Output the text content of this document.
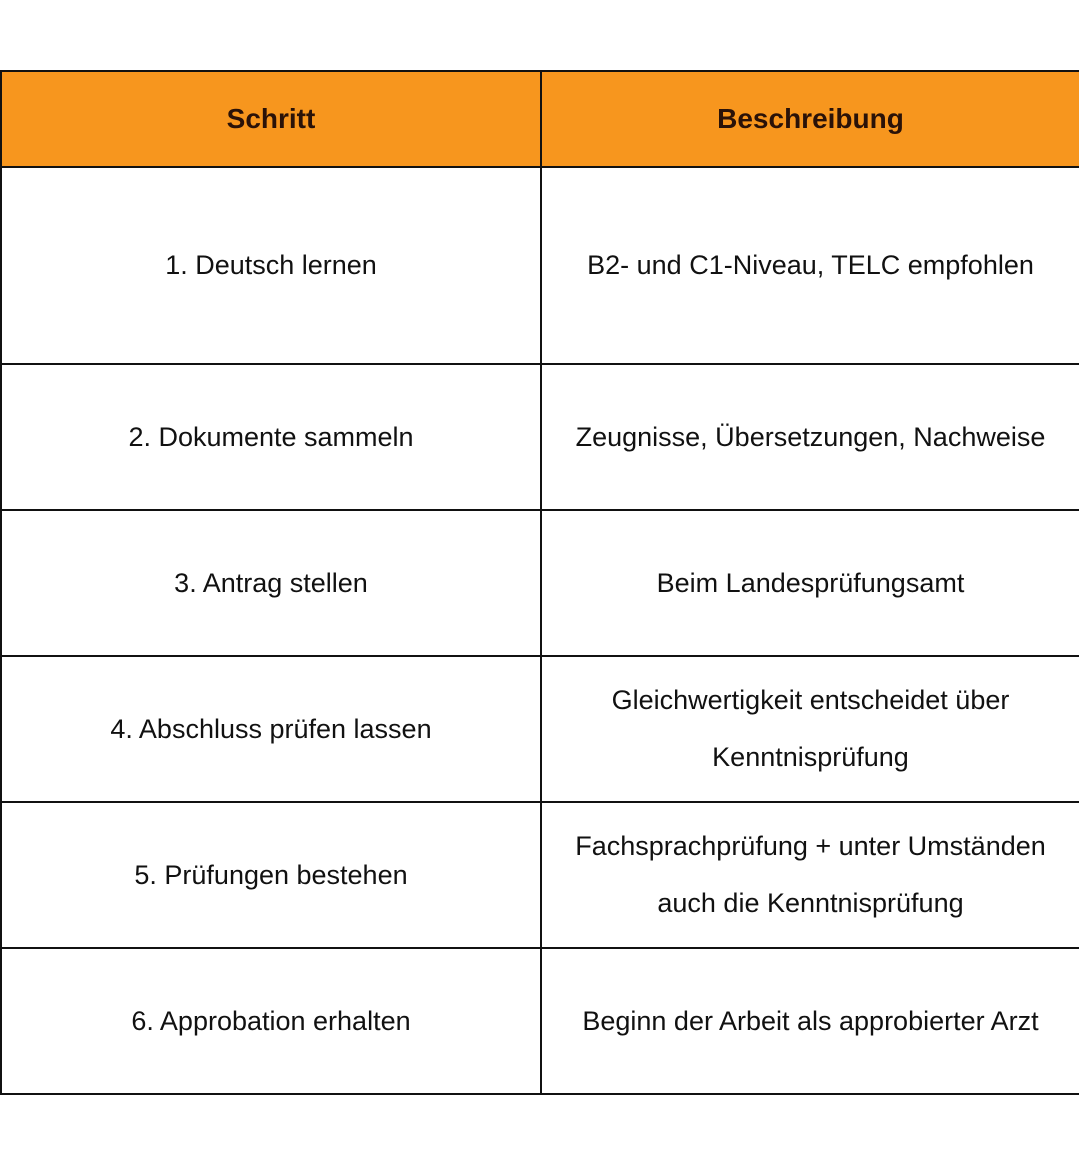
Schritt	Beschreibung
1. Deutsch lernen	B2- und C1-Niveau, TELC empfohlen
2. Dokumente sammeln	Zeugnisse, Übersetzungen, Nachweise
3. Antrag stellen	Beim Landesprüfungsamt
4. Abschluss prüfen lassen	Gleichwertigkeit entscheidet über Kenntnisprüfung
5. Prüfungen bestehen	Fachsprachprüfung + unter Umständen auch die Kenntnisprüfung
6. Approbation erhalten	Beginn der Arbeit als approbierter Arzt
